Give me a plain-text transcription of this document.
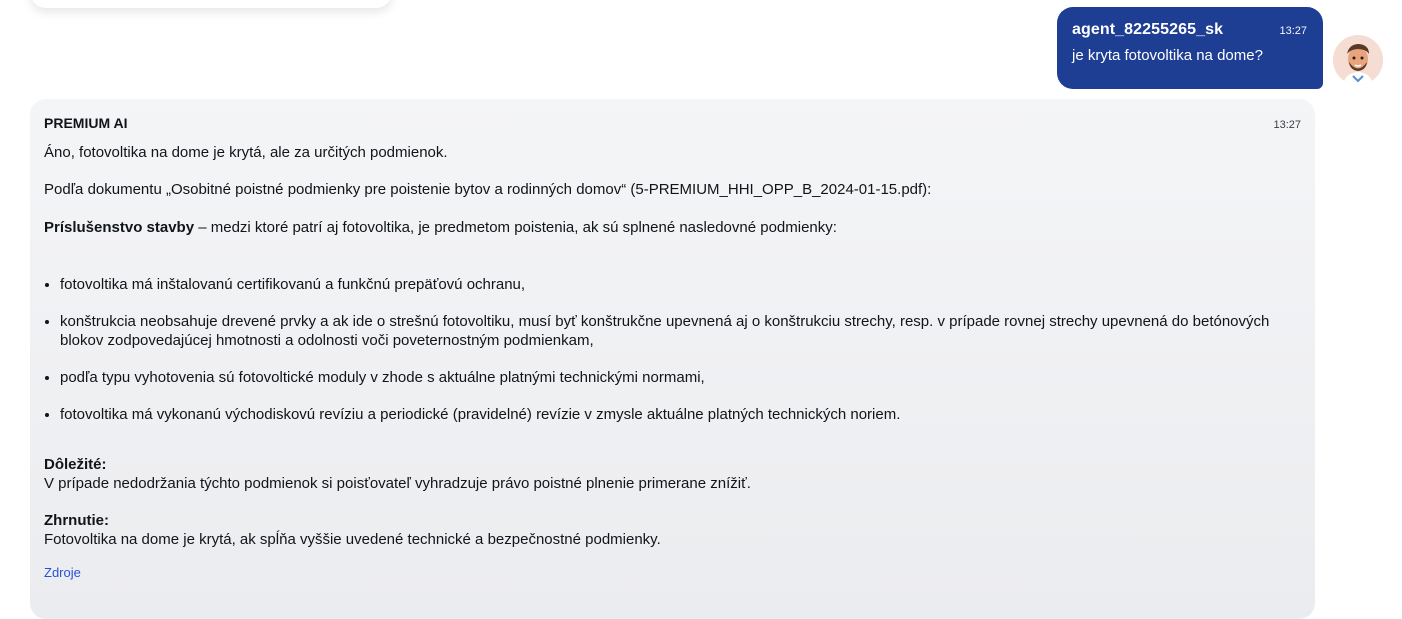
agent_82255265_sk	13:27
je kryta fotovoltika na dome?
PREMIUM AI	13:27

Áno, fotovoltika na dome je krytá, ale za určitých podmienok.

Podľa dokumentu „Osobitné poistné podmienky pre poistenie bytov a rodinných domov“ (5-PREMIUM_HHI_OPP_B_2024-01-15.pdf):

Príslušenstvo stavby – medzi ktoré patrí aj fotovoltika, je predmetom poistenia, ak sú splnené nasledovné podmienky:

• fotovoltika má inštalovanú certifikovanú a funkčnú prepäťovú ochranu,
• konštrukcia neobsahuje drevené prvky a ak ide o strešnú fotovoltiku, musí byť konštrukčne upevnená aj o konštrukciu strechy, resp. v prípade rovnej strechy upevnená do betónových blokov zodpovedajúcej hmotnosti a odolnosti voči poveternostným podmienkam,
• podľa typu vyhotovenia sú fotovoltické moduly v zhode s aktuálne platnými technickými normami,
• fotovoltika má vykonanú východiskovú revíziu a periodické (pravidelné) revízie v zmysle aktuálne platných technických noriem.

Dôležité:

V prípade nedodržania týchto podmienok si poisťovateľ vyhradzuje právo poistné plnenie primerane znížiť.

Zhrnutie:

Fotovoltika na dome je krytá, ak spĺňa vyššie uvedené technické a bezpečnostné podmienky.

Zdroje
